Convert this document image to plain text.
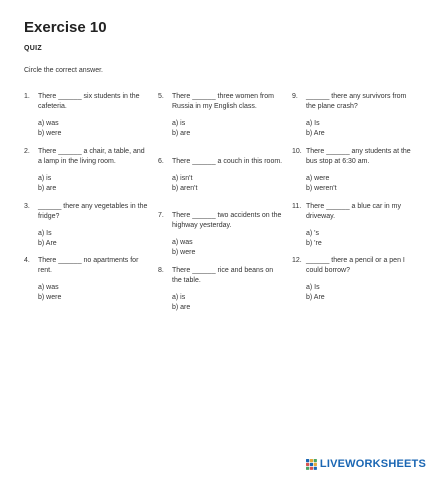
Exercise 10
QUIZ
Circle the correct answer.
1. There ______ six students in the cafeteria.
a) was
b) were
2. There ______ a chair, a table, and a lamp in the living room.
a) is
b) are
3. ______ there any vegetables in the fridge?
a) Is
b) Are
4. There ______ no apartments for rent.
a) was
b) were
5. There ______ three women from Russia in my English class.
a) is
b) are
6. There ______ a couch in this room.
a) isn't
b) aren't
7. There ______ two accidents on the highway yesterday.
a) was
b) were
8. There ______ rice and beans on the table.
a) is
b) are
9. ______ there any survivors from the plane crash?
a) Is
b) Are
10. There ______ any students at the bus stop at 6:30 am.
a) were
b) weren't
11. There ______ a blue car in my driveway.
a) 's
b) 're
12. ______ there a pencil or a pen I could borrow?
a) Is
b) Are
LIVEWORKSHEETS
